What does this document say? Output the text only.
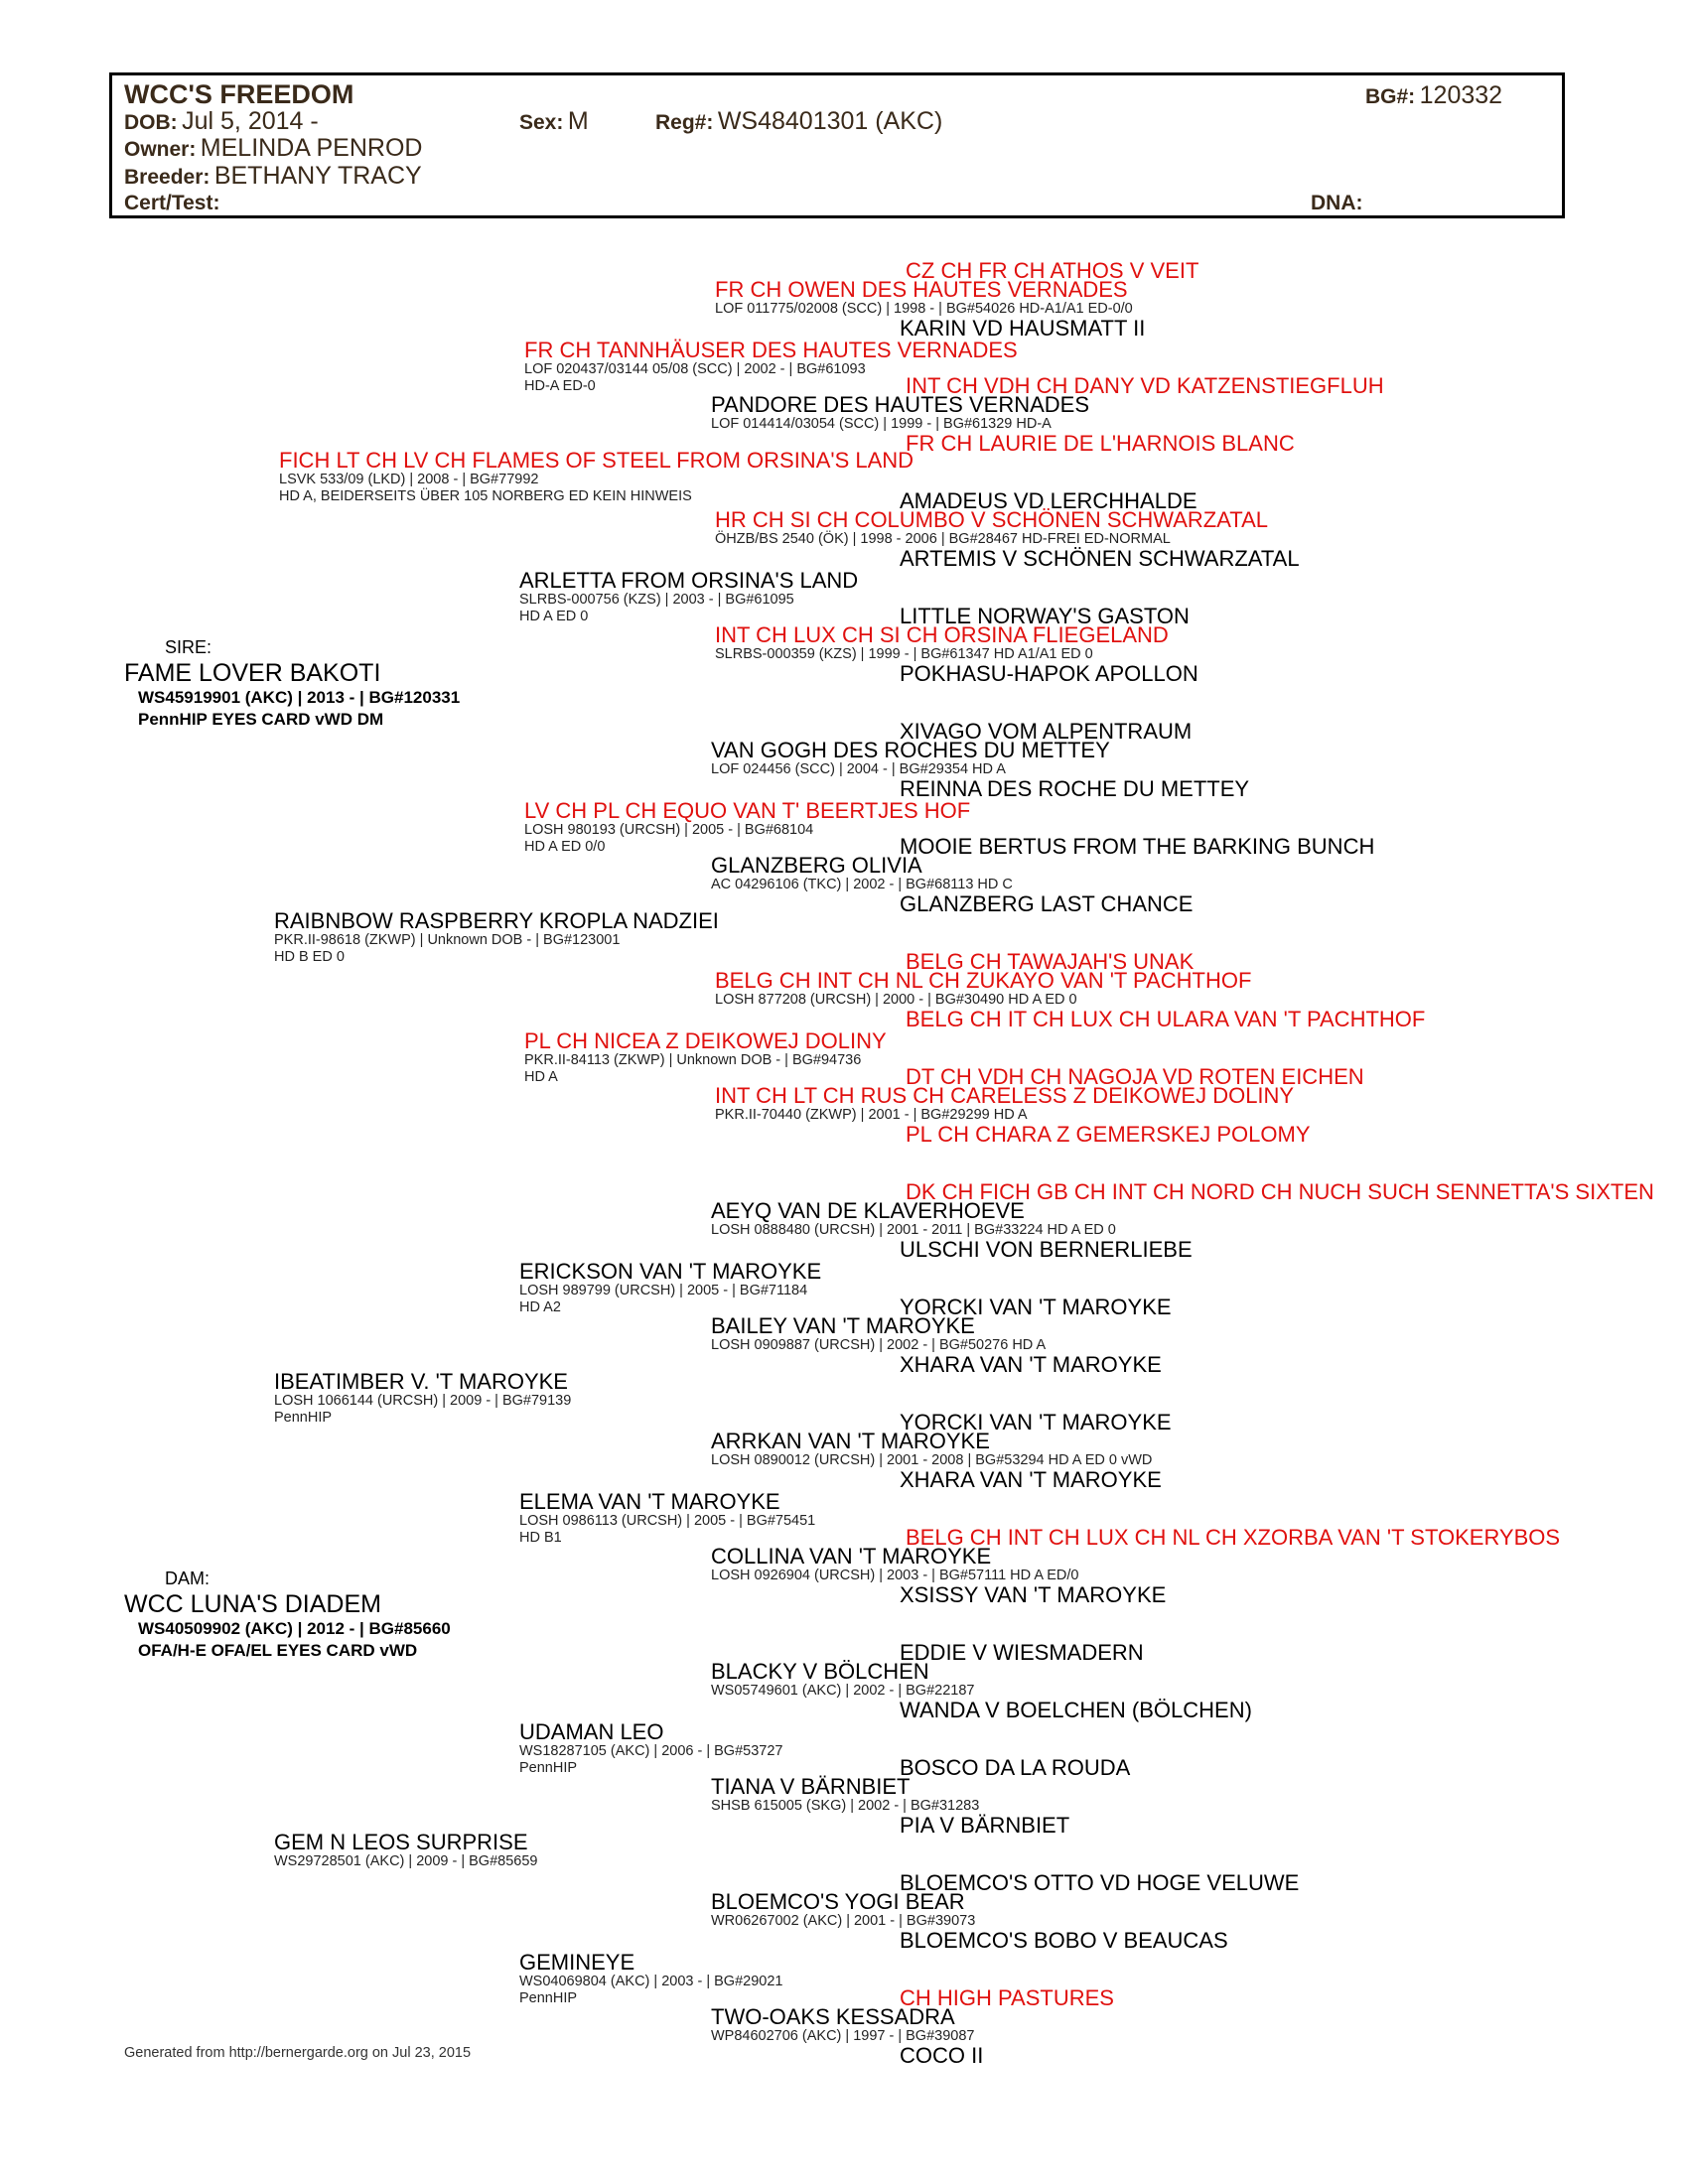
WCC'S FREEDOM	BG#: 120332
DOB: Jul 5, 2014 -	Sex: M	Reg#: WS48401301 (AKC)
Owner: MELINDA PENROD
Breeder: BETHANY TRACY
Cert/Test:	DNA:
SIRE:
FAME LOVER BAKOTI
WS45919901 (AKC) | 2013 - | BG#120331
PennHIP EYES CARD vWD DM
DAM:
WCC LUNA'S DIADEM
WS40509902 (AKC) | 2012 - | BG#85660
OFA/H-E OFA/EL EYES CARD vWD
CZ CH FR CH ATHOS V VEIT
FR CH OWEN DES HAUTES VERNADES
LOF 011775/02008 (SCC) | 1998 - | BG#54026 HD-A1/A1 ED-0/0
KARIN VD HAUSMATT II
FR CH TANNHÄUSER DES HAUTES VERNADES
LOF 020437/03144 05/08 (SCC) | 2002 - | BG#61093
HD-A ED-0	INT CH VDH CH DANY VD KATZENSTIEGFLUH
PANDORE DES HAUTES VERNADES
LOF 014414/03054 (SCC) | 1999 - | BG#61329 HD-A
FR CH LAURIE DE L'HARNOIS BLANC
FICH LT CH LV CH FLAMES OF STEEL FROM ORSINA'S LAND
LSVK 533/09 (LKD) | 2008 - | BG#77992
HD A, BEIDERSEITS ÜBER 105 NORBERG ED KEIN HINWEIS	AMADEUS VD LERCHHALDE
HR CH SI CH COLUMBO V SCHÖNEN SCHWARZATAL
ÖHZB/BS 2540 (ÖK) | 1998 - 2006 | BG#28467 HD-FREI ED-NORMAL
ARTEMIS V SCHÖNEN SCHWARZATAL
ARLETTA FROM ORSINA'S LAND
SLRBS-000756 (KZS) | 2003 - | BG#61095
HD A ED 0	LITTLE NORWAY'S GASTON
INT CH LUX CH SI CH ORSINA FLIEGELAND
SLRBS-000359 (KZS) | 1999 - | BG#61347 HD A1/A1 ED 0
POKHASU-HAPOK APOLLON
XIVAGO VOM ALPENTRAUM
VAN GOGH DES ROCHES DU METTEY
LOF 024456 (SCC) | 2004 - | BG#29354 HD A
REINNA DES ROCHE DU METTEY
LV CH PL CH EQUO VAN T' BEERTJES HOF
LOSH 980193 (URCSH) | 2005 - | BG#68104
HD A ED 0/0	MOOIE BERTUS FROM THE BARKING BUNCH
GLANZBERG OLIVIA
AC 04296106 (TKC) | 2002 - | BG#68113 HD C
GLANZBERG LAST CHANCE
RAIBNBOW RASPBERRY KROPLA NADZIEI
PKR.II-98618 (ZKWP) | Unknown DOB - | BG#123001
HD B ED 0	BELG CH TAWAJAH'S UNAK
BELG CH INT CH NL CH ZUKAYO VAN 'T PACHTHOF
LOSH 877208 (URCSH) | 2000 - | BG#30490 HD A ED 0
BELG CH IT CH LUX CH ULARA VAN 'T PACHTHOF
PL CH NICEA Z DEIKOWEJ DOLINY
PKR.II-84113 (ZKWP) | Unknown DOB - | BG#94736
HD A	DT CH VDH CH NAGOJA VD ROTEN EICHEN
INT CH LT CH RUS CH CARELESS Z DEIKOWEJ DOLINY
PKR.II-70440 (ZKWP) | 2001 - | BG#29299 HD A
PL CH CHARA Z GEMERSKEJ POLOMY
DK CH FICH GB CH INT CH NORD CH NUCH SUCH SENNETTA'S SIXTEN
AEYQ VAN DE KLAVERHOEVE
LOSH 0888480 (URCSH) | 2001 - 2011 | BG#33224 HD A ED 0
ULSCHI VON BERNERLIEBE
ERICKSON VAN 'T MAROYKE
LOSH 989799 (URCSH) | 2005 - | BG#71184
HD A2	YORCKI VAN 'T MAROYKE
BAILEY VAN 'T MAROYKE
LOSH 0909887 (URCSH) | 2002 - | BG#50276 HD A
XHARA VAN 'T MAROYKE
IBEATIMBER V. 'T MAROYKE
LOSH 1066144 (URCSH) | 2009 - | BG#79139
PennHIP	YORCKI VAN 'T MAROYKE
ARRKAN VAN 'T MAROYKE
LOSH 0890012 (URCSH) | 2001 - 2008 | BG#53294 HD A ED 0 vWD
XHARA VAN 'T MAROYKE
ELEMA VAN 'T MAROYKE
LOSH 0986113 (URCSH) | 2005 - | BG#75451
HD B1	BELG CH INT CH LUX CH NL CH XZORBA VAN 'T STOKERYBOS
COLLINA VAN 'T MAROYKE
LOSH 0926904 (URCSH) | 2003 - | BG#57111 HD A ED/0
XSISSY VAN 'T MAROYKE
EDDIE V WIESMADERN
BLACKY V BÖLCHEN
WS05749601 (AKC) | 2002 - | BG#22187
WANDA V BOELCHEN (BÖLCHEN)
UDAMAN LEO
WS18287105 (AKC) | 2006 - | BG#53727
PennHIP	BOSCO DA LA ROUDA
TIANA V BÄRNBIET
SHSB 615005 (SKG) | 2002 - | BG#31283
PIA V BÄRNBIET
GEM N LEOS SURPRISE
WS29728501 (AKC) | 2009 - | BG#85659
BLOEMCO'S OTTO VD HOGE VELUWE
BLOEMCO'S YOGI BEAR
WR06267002 (AKC) | 2001 - | BG#39073
BLOEMCO'S BOBO V BEAUCAS
GEMINEYE
WS04069804 (AKC) | 2003 - | BG#29021
PennHIP	CH HIGH PASTURES
TWO-OAKS KESSADRA
WP84602706 (AKC) | 1997 - | BG#39087
COCO II
Generated from http://bernergarde.org on Jul 23, 2015
